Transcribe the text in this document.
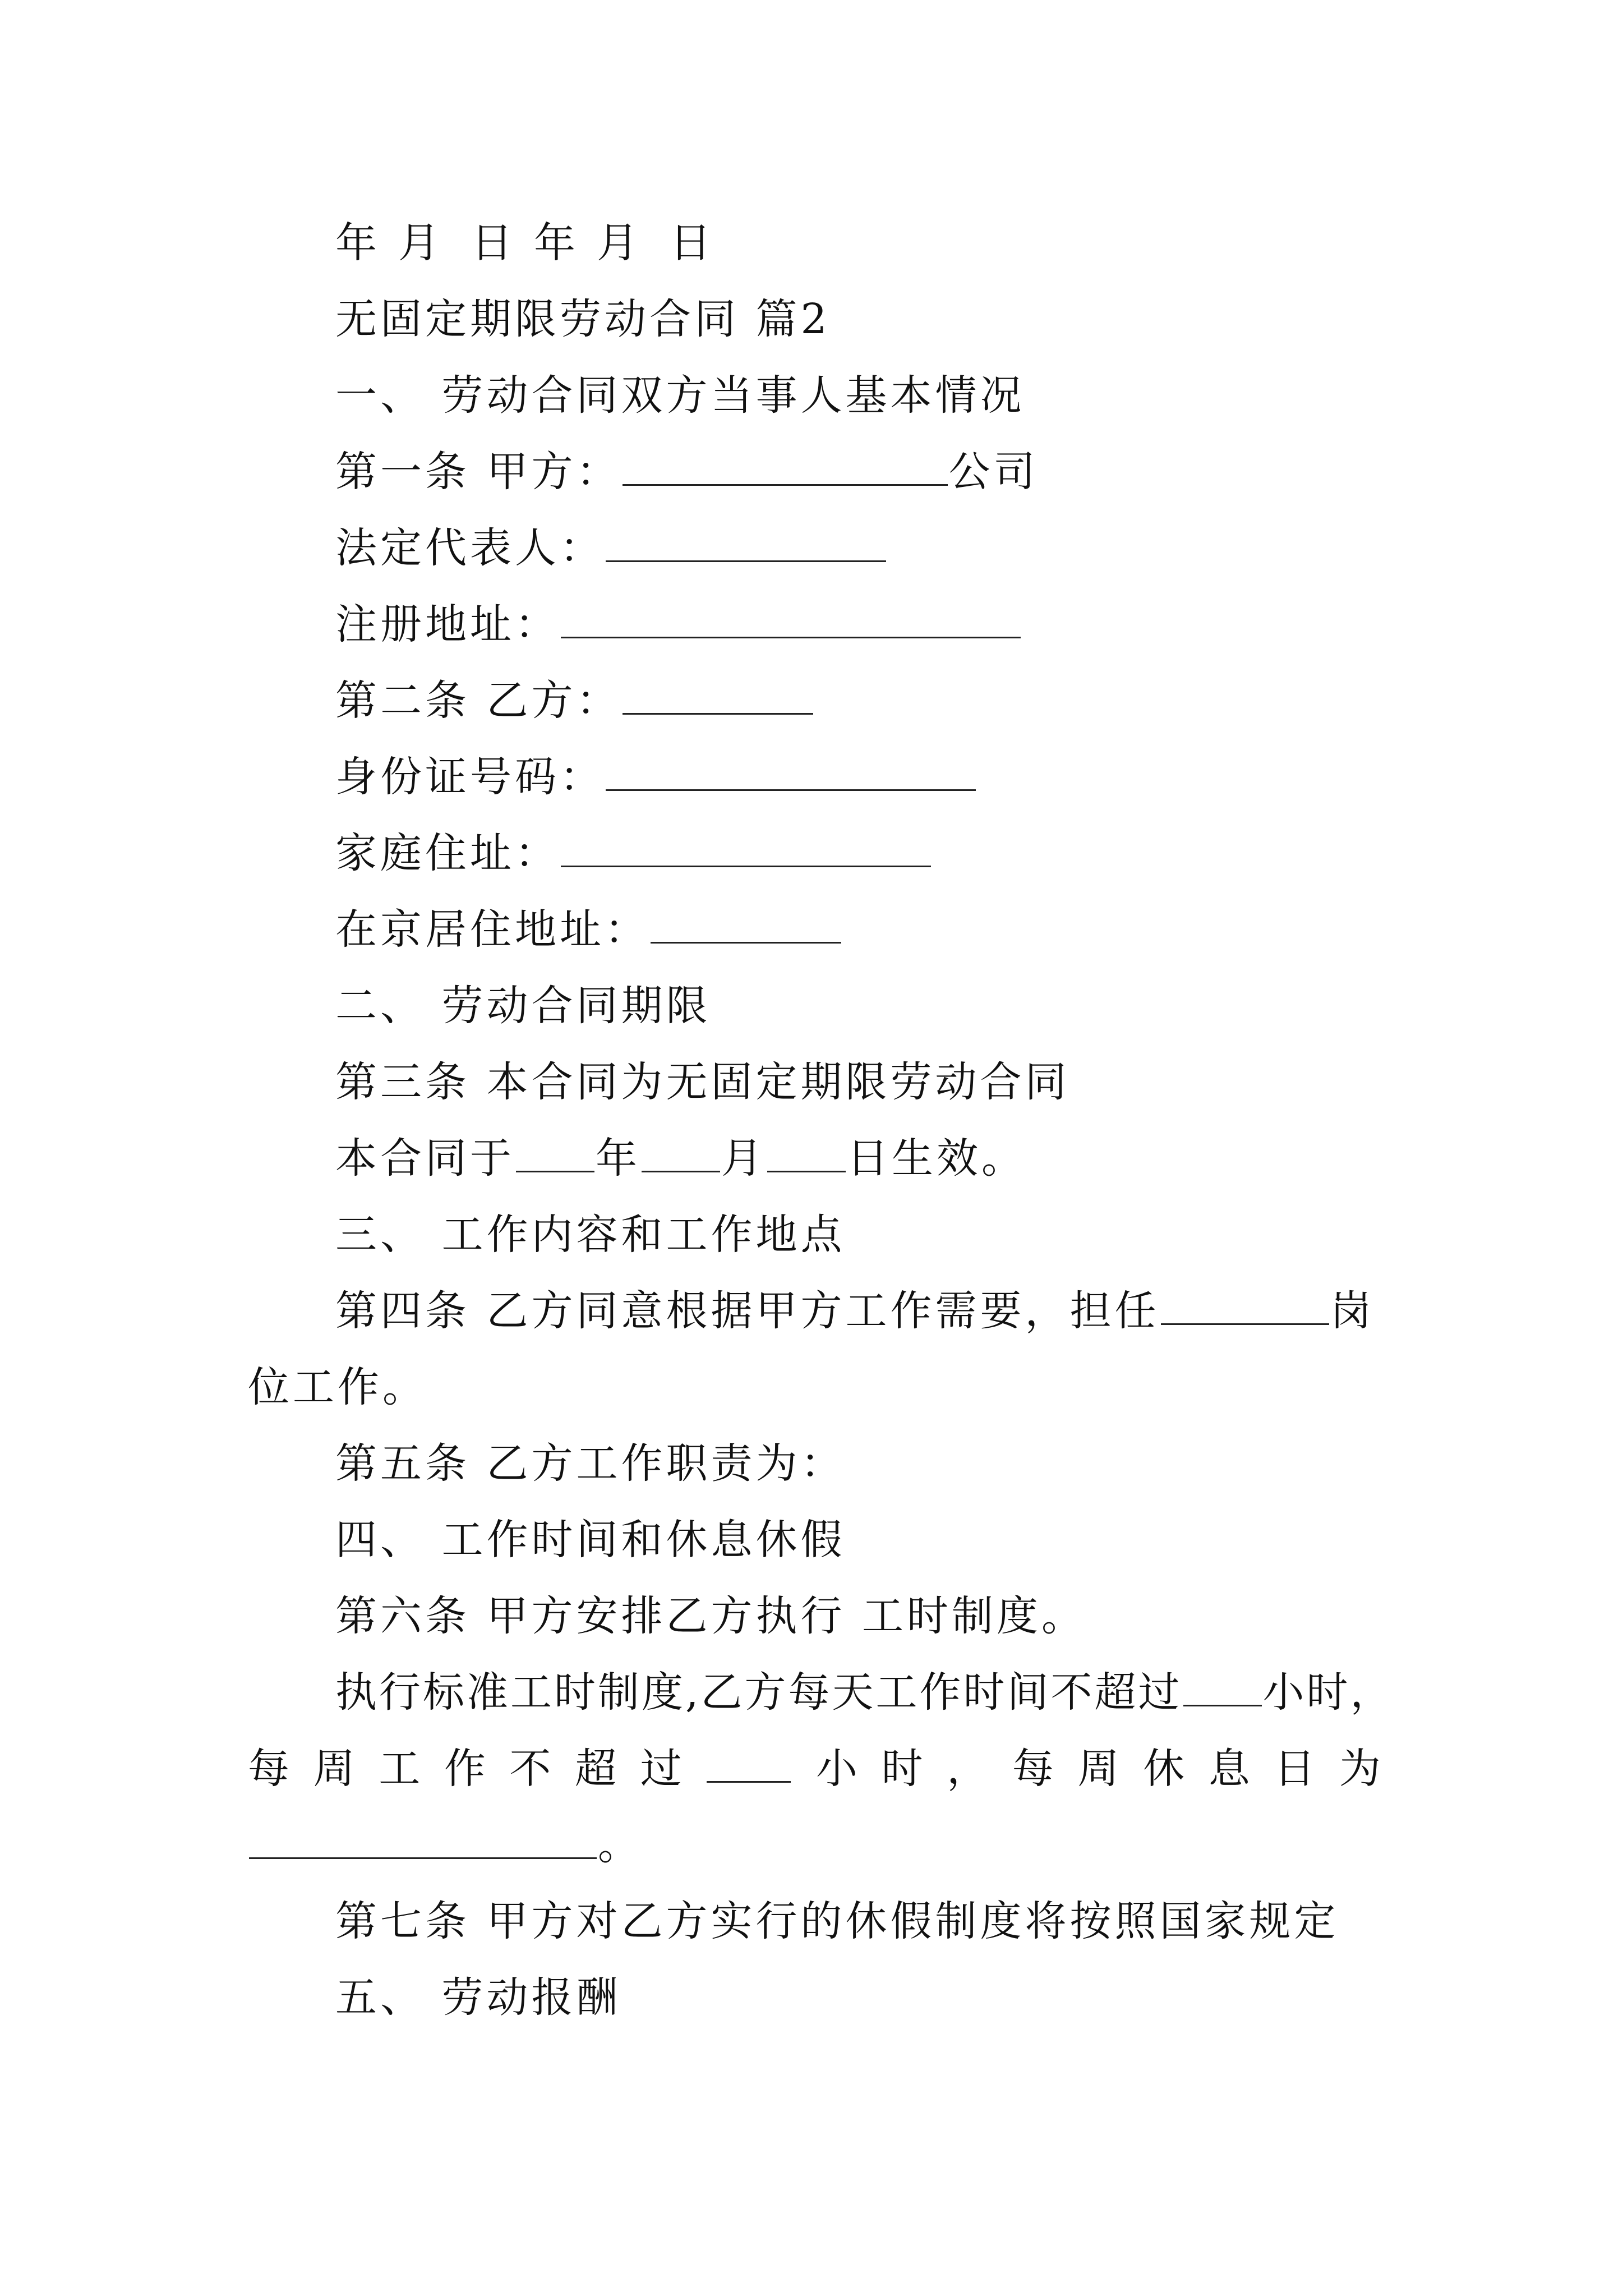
年 月 日 年 月 日
无固定期限劳动合同 篇2
一、 劳动合同双方当事人基本情况
第一条 甲方：	公司
法定代表人：
注册地址：
第二条 乙方：
身份证号码：
家庭住址：
在京居住地址：
二、 劳动合同期限
第三条 本合同为无固定期限劳动合同
本合同于 年 月 日生效。
三、 工作内容和工作地点
第四条 乙方同意根据甲方工作需要，担任	岗
位工作。
第五条 乙方工作职责为：
四、 工作时间和休息休假
第六条 甲方安排乙方执行 工时制度。
执行标准工时制度,乙方每天工作时间不超过 小时，
每 周 工 作 不 超 过	小 时 ， 每 周 休 息 日 为
。
第七条 甲方对乙方实行的休假制度将按照国家规定
五、 劳动报酬
